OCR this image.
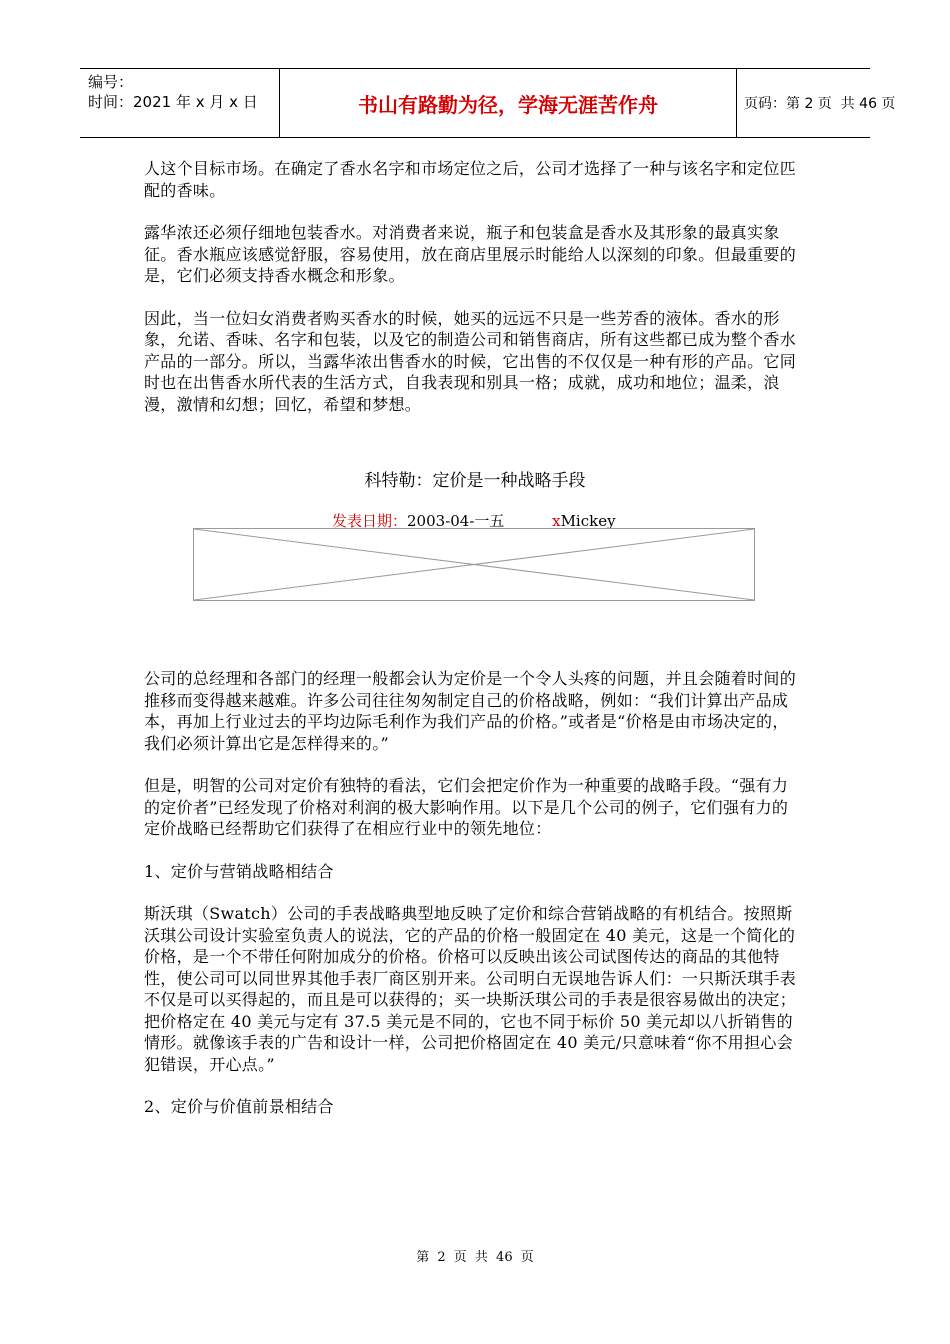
编号：
时间：2021 年 x 月 x 日	书山有路勤为径，学海无涯苦作舟	页码：第 2 页  共 46 页

人这个目标市场。在确定了香水名字和市场定位之后，公司才选择了一种与该名字和定位匹配的香味。

露华浓还必须仔细地包装香水。对消费者来说，瓶子和包装盒是香水及其形象的最真实象征。香水瓶应该感觉舒服，容易使用，放在商店里展示时能给人以深刻的印象。但最重要的是，它们必须支持香水概念和形象。

因此，当一位妇女消费者购买香水的时候，她买的远远不只是一些芳香的液体。香水的形象，允诺、香味、名字和包装，以及它的制造公司和销售商店，所有这些都已成为整个香水产品的一部分。所以，当露华浓出售香水的时候，它出售的不仅仅是一种有形的产品。它同时也在出售香水所代表的生活方式，自我表现和别具一格；成就，成功和地位；温柔，浪漫，激情和幻想；回忆，希望和梦想。

科特勒：定价是一种战略手段
发表日期：2003-04-一五	xMickey

公司的总经理和各部门的经理一般都会认为定价是一个令人头疼的问题，并且会随着时间的推移而变得越来越难。许多公司往往匆匆制定自己的价格战略，例如：“我们计算出产品成本，再加上行业过去的平均边际毛利作为我们产品的价格。”或者是“价格是由市场决定的，我们必须计算出它是怎样得来的。”

但是，明智的公司对定价有独特的看法，它们会把定价作为一种重要的战略手段。“强有力的定价者”已经发现了价格对利润的极大影响作用。以下是几个公司的例子，它们强有力的定价战略已经帮助它们获得了在相应行业中的领先地位：

1、定价与营销战略相结合

斯沃琪（Swatch）公司的手表战略典型地反映了定价和综合营销战略的有机结合。按照斯沃琪公司设计实验室负责人的说法，它的产品的价格一般固定在 40 美元，这是一个简化的价格，是一个不带任何附加成分的价格。价格可以反映出该公司试图传达的商品的其他特性，使公司可以同世界其他手表厂商区别开来。公司明白无误地告诉人们：一只斯沃琪手表不仅是可以买得起的，而且是可以获得的；买一块斯沃琪公司的手表是很容易做出的决定；把价格定在 40 美元与定有 37.5 美元是不同的，它也不同于标价 50 美元却以八折销售的情形。就像该手表的广告和设计一样，公司把价格固定在 40 美元/只意味着“你不用担心会犯错误，开心点。”

2、定价与价值前景相结合

第 2 页 共 46 页
